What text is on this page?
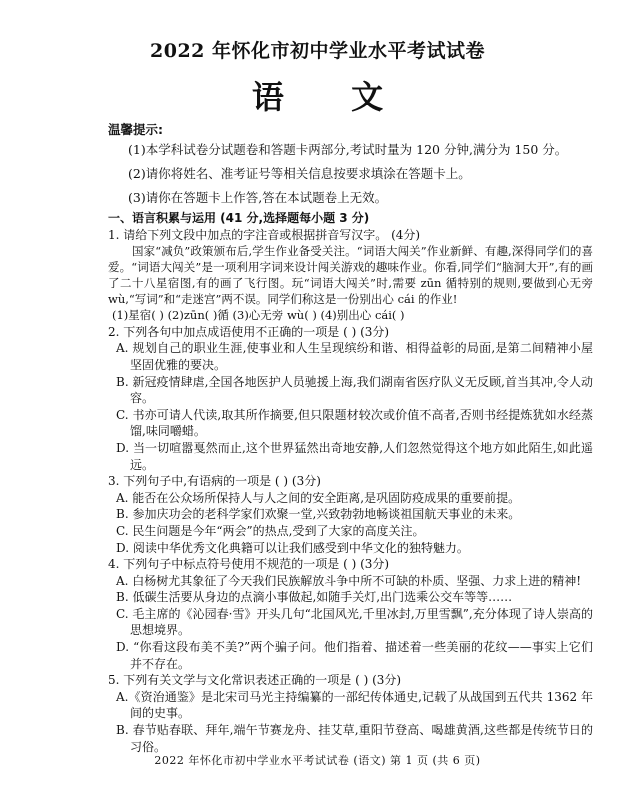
2022 年怀化市初中学业水平考试试卷
语 文
温馨提示:
(1)本学科试卷分试题卷和答题卡两部分,考试时量为 120 分钟,满分为 150 分。
(2)请你将姓名、准考证号等相关信息按要求填涂在答题卡上。
(3)请你在答题卡上作答,答在本试题卷上无效。

一、语言积累与运用 (41 分,选择题每小题 3 分)

1. 请给下列文段中加点的字注音或根据拼音写汉字。 (4分)

国家“减负”政策颁布后,学生作业备受关注。“词语大闯关”作业新鲜、有趣,深得同学们的喜爱。“词语大闯关”是一项利用字词来设计闯关游戏的趣味作业。你看,同学们“脑洞大开”,有的画了二十八星宿图,有的画了飞行图。玩“词语大闯关”时,需要 zūn 循特别的规则,要做到心无旁 wù,“写词”和“走迷宫”两不误。同学们称这是一份别出心 cái 的作业!

(1)星宿( ) (2)zūn( )循 (3)心无旁 wù( ) (4)别出心 cái( )

2. 下列各句中加点成语使用不正确的一项是 ( ) (3分)

A. 规划自己的职业生涯,使事业和人生呈现缤纷和谐、相得益彰的局面,是第二间精神小屋坚固优雅的要决。

B. 新冠疫情肆虐,全国各地医护人员驰援上海,我们湖南省医疗队义无反顾,首当其冲,令人动容。

C. 书亦可请人代读,取其所作摘要,但只限题材较次或价值不高者,否则书经提炼犹如水经蒸馏,味同嚼蜡。

D. 当一切喧嚣戛然而止,这个世界猛然出奇地安静,人们忽然觉得这个地方如此陌生,如此遥远。

3. 下列句子中,有语病的一项是 ( ) (3分)

A. 能否在公众场所保持人与人之间的安全距离,是巩固防疫成果的重要前提。

B. 参加庆功会的老科学家们欢聚一堂,兴致勃勃地畅谈祖国航天事业的未来。

C. 民生问题是今年“两会”的热点,受到了大家的高度关注。

D. 阅读中华优秀文化典籍可以让我们感受到中华文化的独特魅力。

4. 下列句子中标点符号使用不规范的一项是 ( ) (3分)

A. 白杨树尤其象征了今天我们民族解放斗争中所不可缺的朴质、坚强、力求上进的精神!

B. 低碳生活要从身边的点滴小事做起,如随手关灯,出门选乘公交车等等……

C. 毛主席的《沁园春·雪》开头几句“北国风光,千里冰封,万里雪飘”,充分体现了诗人崇高的思想境界。

D. “你看这段布美不美?”两个骗子问。他们指着、描述着一些美丽的花纹——事实上它们并不存在。

5. 下列有关文学与文化常识表述正确的一项是 ( ) (3分)

A.《资治通鉴》是北宋司马光主持编纂的一部纪传体通史,记载了从战国到五代共 1362 年间的史事。

B. 春节贴春联、拜年,端午节赛龙舟、挂艾草,重阳节登高、喝雄黄酒,这些都是传统节日的习俗。

2022 年怀化市初中学业水平考试试卷 (语文) 第 1 页 (共 6 页)
